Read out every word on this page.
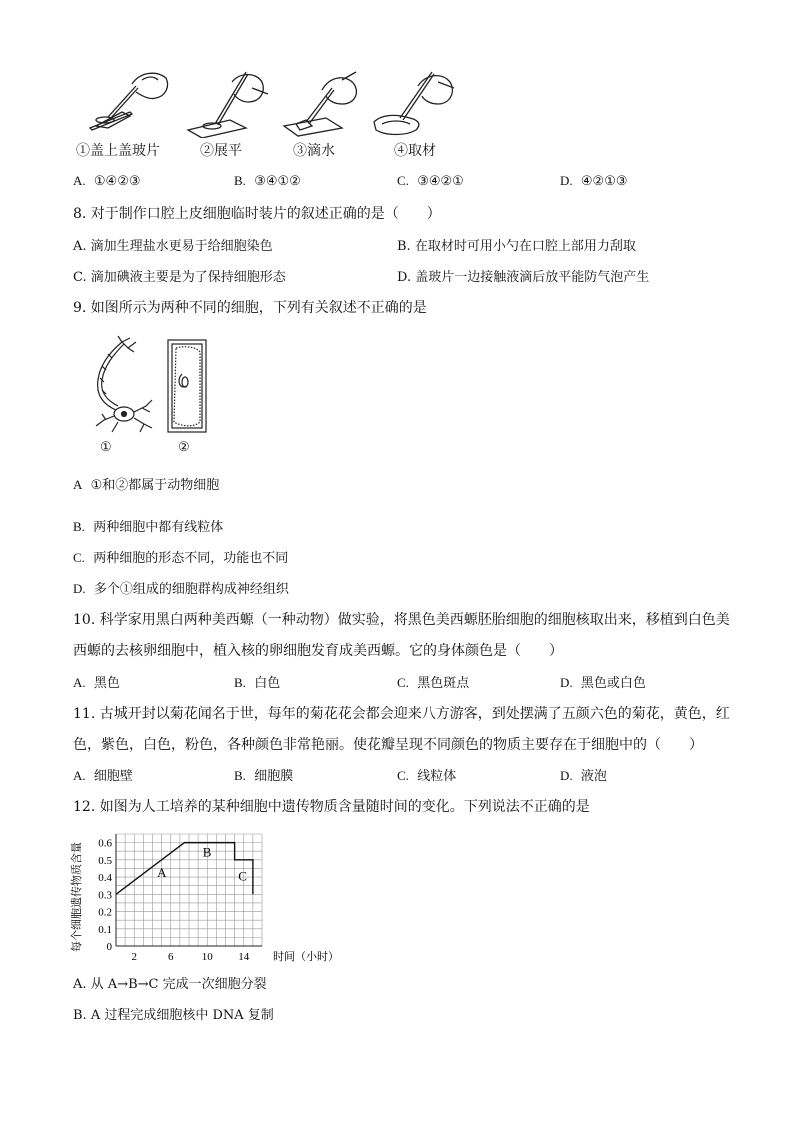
①盖上盖玻片	②展平	③滴水	④取材
A. ①④②③	B. ③④①②	C. ③④②①	D. ④②①③
8. 对于制作口腔上皮细胞临时装片的叙述正确的是（　　）
A. 滴加生理盐水更易于给细胞染色	B. 在取材时可用小勺在口腔上部用力刮取
C. 滴加碘液主要是为了保持细胞形态	D. 盖玻片一边接触液滴后放平能防气泡产生
9. 如图所示为两种不同的细胞，下列有关叙述不正确的是
①	②
A ①和②都属于动物细胞
B. 两种细胞中都有线粒体
C. 两种细胞的形态不同，功能也不同
D. 多个①组成的细胞群构成神经组织
10. 科学家用黑白两种美西螈（一种动物）做实验，将黑色美西螈胚胎细胞的细胞核取出来，移植到白色美
西螈的去核卵细胞中，植入核的卵细胞发育成美西螈。它的身体颜色是（　　）
A. 黑色	B. 白色	C. 黑色斑点	D. 黑色或白色
11. 古城开封以菊花闻名于世，每年的菊花花会都会迎来八方游客，到处摆满了五颜六色的菊花，黄色，红
色，紫色，白色，粉色，各种颜色非常艳丽。使花瓣呈现不同颜色的物质主要存在于细胞中的（　　）
A. 细胞壁	B. 细胞膜	C. 线粒体	D. 液泡
12. 如图为人工培养的某种细胞中遗传物质含量随时间的变化。下列说法不正确的是
每个细胞遗传物质含量
时间（小时）
0
0.1
0.2
0.3
0.4
0.5
0.6
2	6	10 14
A
B
C
A. 从 A→B→C 完成一次细胞分裂
B. A 过程完成细胞核中 DNA 复制
